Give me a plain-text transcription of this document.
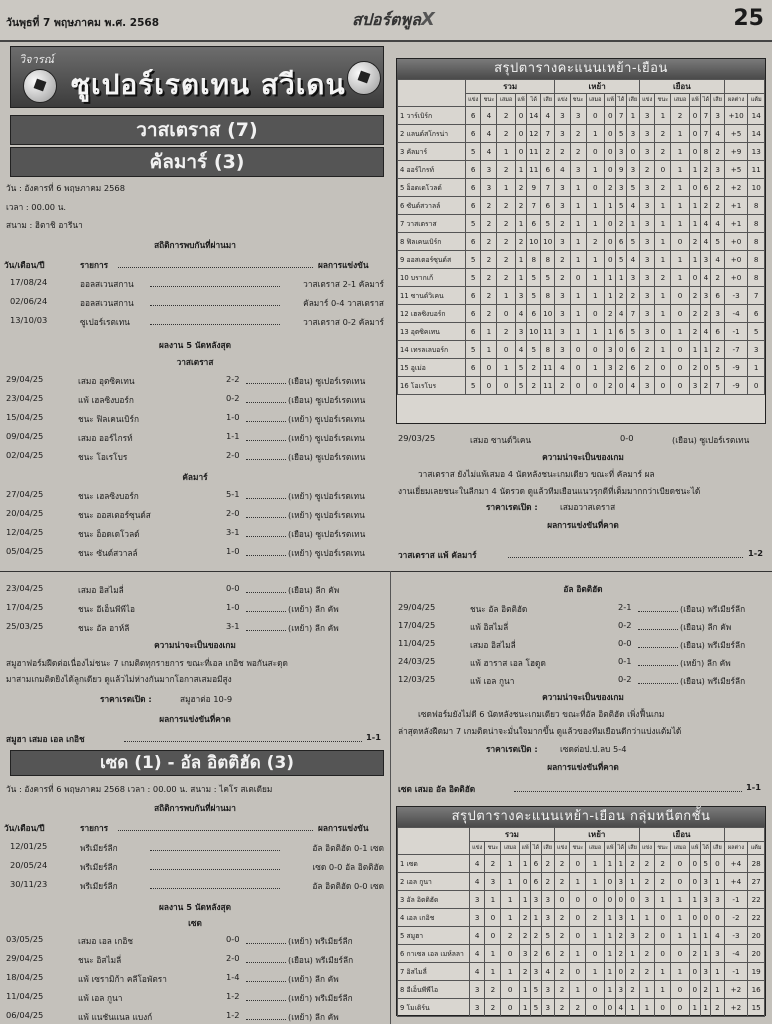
วันพุธที่ 7 พฤษภาคม พ.ศ. 2568	สปอร์ตพูลX	25
วิจารณ์
ซูเปอร์เรตเทน สวีเดน
วาสเตราส (7)
คัลมาร์ (3)
วัน : อังคารที่ 6 พฤษภาคม 2568
เวลา : 00.00 น.
สนาม : ฮิตาชิ อารีนา
สถิติการพบกันที่ผ่านมา
วัน/เดือน/ปี	รายการ	ผลการแข่งขัน
17/08/24	ออลสเวนสกาน	วาสเตราส 2-1 คัลมาร์
02/06/24	ออลสเวนสกาน	คัลมาร์ 0-4 วาสเตราส
13/10/03	ซูเปอร์เรตเทน	วาสเตราส 0-2 คัลมาร์
ผลงาน 5 นัดหลังสุด
วาสเตราส
29/04/25	เสมอ อุตซิคเทน	2-2	(เยือน) ซูเปอร์เรตเทน
23/04/25	แพ้ เฮลซิงบอร์ก	0-2	(เยือน) ซูเปอร์เรตเทน
15/04/25	ชนะ ฟิลเคนเบิร์ก	1-0	(เหย้า) ซูเปอร์เรตเทน
09/04/25	เสมอ ออร์ไกรท์	1-1	(เหย้า) ซูเปอร์เรตเทน
02/04/25	ชนะ โอเรโบร	2-0	(เยือน) ซูเปอร์เรตเทน
คัลมาร์
27/04/25	ชนะ เฮลซิงบอร์ก	5-1	(เหย้า) ซูเปอร์เรตเทน
20/04/25	ชนะ ออสเตอร์ซุนด์ส	2-0	(เหย้า) ซูเปอร์เรตเทน
12/04/25	ชนะ อ็อดเดโวลด์	3-1	(เยือน) ซูเปอร์เรตเทน
05/04/25	ชนะ ซันด์สวาลล์	1-0	(เหย้า) ซูเปอร์เรตเทน
29/03/25	เสมอ ซานด์วิเคน	0-0	(เยือน) ซูเปอร์เรตเทน
ความน่าจะเป็นของเกม
วาสเตราส ยังไม่แพ้เสมอ 4 นัดหลังชนะเกมเดียว ขณะที่ คัลมาร์ ผล
งานเยี่ยมเลยชนะในลีกมา 4 นัดรวด ดูแล้วทีมเยือนแนวรุกดีที่เต็มมากกว่าเบียดชนะได้
ราคาเรตเปิด :	เสมอวาสเตราส
ผลการแข่งขันที่คาด
วาสเตราส แพ้ คัลมาร์	1-2
สรุปตารางคะแนนเหย้า-เยือน
	รวม						เหย้า						เยือน							
	แข่ง	ชนะ	เสมอ	แพ้	ได้	เสีย	แข่ง	ชนะ	เสมอ	แพ้	ได้	เสีย	แข่ง	ชนะ	เสมอ	แพ้	ได้	เสีย	ผลต่าง	แต้ม
1 วาร์เบิร์ก	6	4	2	0	14	4	3	3	0	0	7	1	3	1	2	0	7	3	+10	14
2 แลนด์สโกรน่า	6	4	2	0	12	7	3	2	1	0	5	3	3	2	1	0	7	4	+5	14
3 คัลมาร์	5	4	1	0	11	2	2	2	0	0	3	0	3	2	1	0	8	2	+9	13
4 ออร์ไกรท์	6	3	2	1	11	6	4	3	1	0	9	3	2	0	1	1	2	3	+5	11
5 อ็อดเดโวลด์	6	3	1	2	9	7	3	1	0	2	3	5	3	2	1	0	6	2	+2	10
6 ซันด์สวาลล์	6	2	2	2	7	6	3	1	1	1	5	4	3	1	1	1	2	2	+1	8
7 วาสเตราส	5	2	2	1	6	5	2	1	1	0	2	1	3	1	1	1	4	4	+1	8
8 ฟิลเคนเบิร์ก	6	2	2	2	10	10	3	1	2	0	6	5	3	1	0	2	4	5	+0	8
9 ออสเตอร์ซุนด์ส	5	2	2	1	8	8	2	1	1	0	5	4	3	1	1	1	3	4	+0	8
10 บรากเก้	5	2	2	1	5	5	2	0	1	1	1	3	3	2	1	0	4	2	+0	8
11 ซานด์วิเคน	6	2	1	3	5	8	3	1	1	1	2	2	3	1	0	2	3	6	-3	7
12 เฮลซิงบอร์ก	6	2	0	4	6	10	3	1	0	2	4	7	3	1	0	2	2	3	-4	6
13 อุตซิคเทน	6	1	2	3	10	11	3	1	1	1	6	5	3	0	1	2	4	6	-1	5
14 เทรลเลบอร์ก	5	1	0	4	5	8	3	0	0	3	0	6	2	1	0	1	1	2	-7	3
15 อูเม่อ	6	0	1	5	2	11	4	0	1	3	2	6	2	0	0	2	0	5	-9	1
16 โอเรโบร	5	0	0	5	2	11	2	0	0	2	0	4	3	0	0	3	2	7	-9	0
23/04/25	เสมอ อิสไมลี่	0-0	(เยือน) ลีก คัพ
17/04/25	ชนะ อีเอ็นพีพีไอ	1-0	(เหย้า) ลีก คัพ
25/03/25	ชนะ อัล อาห์ลี	3-1	(เหย้า) ลีก คัพ
ความน่าจะเป็นของเกม
สมูฮาฟอร์มฝืดต่อเนื่องไม่ชนะ 7 เกมติดทุกรายการ ขณะที่เอล เกอิช พอกันสะดุด
มาสามเกมติดยิงได้ลูกเดียว ดูแล้วไม่ห่างกันมากโอกาสเสมอมีสูง
ราคาเรตเปิด :	สมูฮาต่อ 10-9
ผลการแข่งขันที่คาด
สมูฮา เสมอ เอล เกอิช	1-1
เซด (1) - อัล อิตติฮัด (3)
วัน : อังคารที่ 6 พฤษภาคม 2568 เวลา : 00.00 น. สนาม : ไคโร สเตเดียม
สถิติการพบกันที่ผ่านมา
วัน/เดือน/ปี	รายการ	ผลการแข่งขัน
12/01/25	พรีเมียร์ลีก	อัล อิตติฮัด 0-1 เซด
20/05/24	พรีเมียร์ลีก	เซด 0-0 อัล อิตติฮัด
30/11/23	พรีเมียร์ลีก	อัล อิตติฮัด 0-0 เซด
ผลงาน 5 นัดหลังสุด
เซด
03/05/25	เสมอ เอล เกอิช	0-0	(เหย้า) พรีเมียร์ลีก
29/04/25	ชนะ อิสไมลี่	2-0	(เยือน) พรีเมียร์ลีก
18/04/25	แพ้ เซรามิก้า คลีโอพัตรา	1-4	(เหย้า) ลีก คัพ
11/04/25	แพ้ เอล กูนา	1-2	(เหย้า) พรีเมียร์ลีก
06/04/25	แพ้ แนชันแนล แบงก์	1-2	(เหย้า) ลีก คัพ
อัล อิตติฮัด
29/04/25	ชนะ อัล อิตติฮัด	2-1	(เยือน) พรีเมียร์ลีก
17/04/25	แพ้ อิสไมลี่	0-2	(เยือน) ลีก คัพ
11/04/25	เสมอ อิสไมลี่	0-0	(เยือน) พรีเมียร์ลีก
24/03/25	แพ้ ฮาราส เอล โฮดูด	0-1	(เหย้า) ลีก คัพ
12/03/25	แพ้ เอล กูนา	0-2	(เยือน) พรีเมียร์ลีก
ความน่าจะเป็นของเกม
เซดฟอร์มยังไม่ดี 6 นัดหลังชนะเกมเดียว ขณะที่อัล อิตติฮัด เพิ่งฟื้นเกม
ล่าสุดหลังฝืดมา 7 เกมติดน่าจะมั่นใจมากขึ้น ดูแล้วของทีมเยือนดีกว่าแบ่งแต้มได้
ราคาเรตเปิด :	เซดต่อป.ป.ลบ 5-4
ผลการแข่งขันที่คาด
เซด เสมอ อัล อิตติฮัด	1-1
สรุปตารางคะแนนเหย้า-เยือน กลุ่มหนีตกชั้น
	รวม						เหย้า						เยือน							
	แข่ง	ชนะ	เสมอ	แพ้	ได้	เสีย	แข่ง	ชนะ	เสมอ	แพ้	ได้	เสีย	แข่ง	ชนะ	เสมอ	แพ้	ได้	เสีย	ผลต่าง	แต้ม
1 เซด	4	2	1	1	6	2	2	0	1	1	1	2	2	2	0	0	5	0	+4	28
2 เอล กูนา	4	3	1	0	6	2	2	1	1	0	3	1	2	2	0	0	3	1	+4	27
3 อัล อิตติฮัด	3	1	1	1	3	3	0	0	0	0	0	0	3	1	1	1	3	3	-1	22
4 เอล เกอิช	3	0	1	2	1	3	2	0	2	1	3	1	1	0	1	0	0	0	-2	22
5 สมูฮา	4	0	2	2	2	5	2	0	1	1	2	3	2	0	1	1	1	4	-3	20
6 กาเซล เอล เมห์ลลา	4	1	0	3	2	6	2	1	0	1	2	1	2	0	0	2	1	3	-4	20
7 อิสไมลี่	4	1	1	2	3	4	2	0	1	1	0	2	2	1	1	0	3	1	-1	19
8 อีเอ็นพีพีไอ	3	2	0	1	5	3	2	1	0	1	3	2	1	1	0	0	2	1	+2	16
9 โมเดิร์น	3	2	0	1	5	3	2	2	0	0	4	1	1	0	0	1	1	2	+2	15
